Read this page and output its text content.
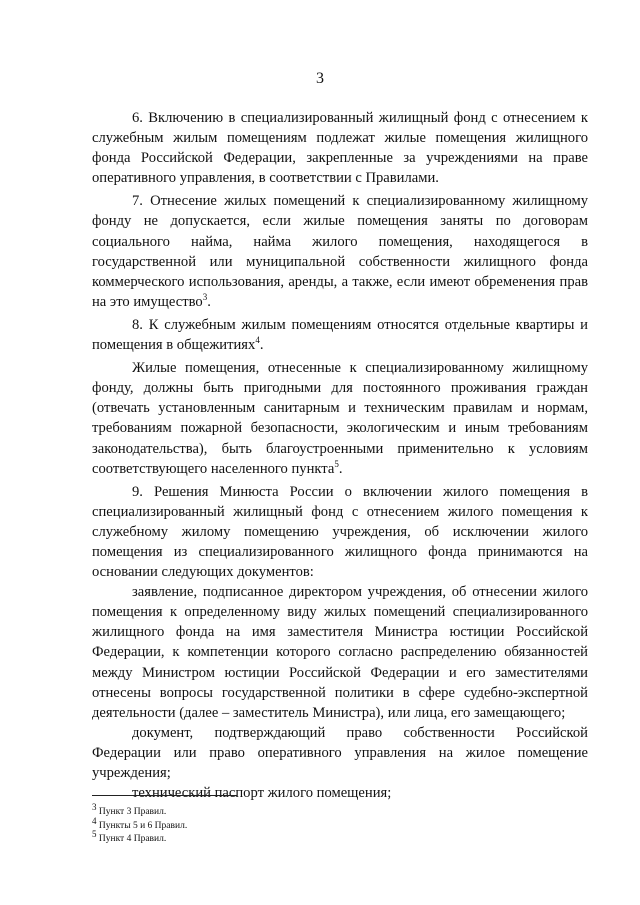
3

6. Включению в специализированный жилищный фонд с отнесением к служебным жилым помещениям подлежат жилые помещения жилищного фонда Российской Федерации, закрепленные за учреждениями на праве оперативного управления, в соответствии с Правилами.

7. Отнесение жилых помещений к специализированному жилищному фонду не допускается, если жилые помещения заняты по договорам социального найма, найма жилого помещения, находящегося в государственной или муниципальной собственности жилищного фонда коммерческого использования, аренды, а также, если имеют обременения прав на это имущество$^3$.

8. К служебным жилым помещениям относятся отдельные квартиры и помещения в общежитиях$^4$.

Жилые помещения, отнесенные к специализированному жилищному фонду, должны быть пригодными для постоянного проживания граждан (отвечать установленным санитарным и техническим правилам и нормам, требованиям пожарной безопасности, экологическим и иным требованиям законодательства), быть благоустроенными применительно к условиям соответствующего населенного пункта$^5$.

9. Решения Минюста России о включении жилого помещения в специализированный жилищный фонд с отнесением жилого помещения к служебному жилому помещению учреждения, об исключении жилого помещения из специализированного жилищного фонда принимаются на основании следующих документов:

заявление, подписанное директором учреждения, об отнесении жилого помещения к определенному виду жилых помещений специализированного жилищного фонда на имя заместителя Министра юстиции Российской Федерации, к компетенции которого согласно распределению обязанностей между Министром юстиции Российской Федерации и его заместителями отнесены вопросы государственной политики в сфере судебно-экспертной деятельности (далее – заместитель Министра), или лица, его замещающего;

документ, подтверждающий право собственности Российской Федерации или право оперативного управления на жилое помещение учреждения;

технический паспорт жилого помещения;

$^3$ Пункт 3 Правил.
$^4$ Пункты 5 и 6 Правил.
$^5$ Пункт 4 Правил.
